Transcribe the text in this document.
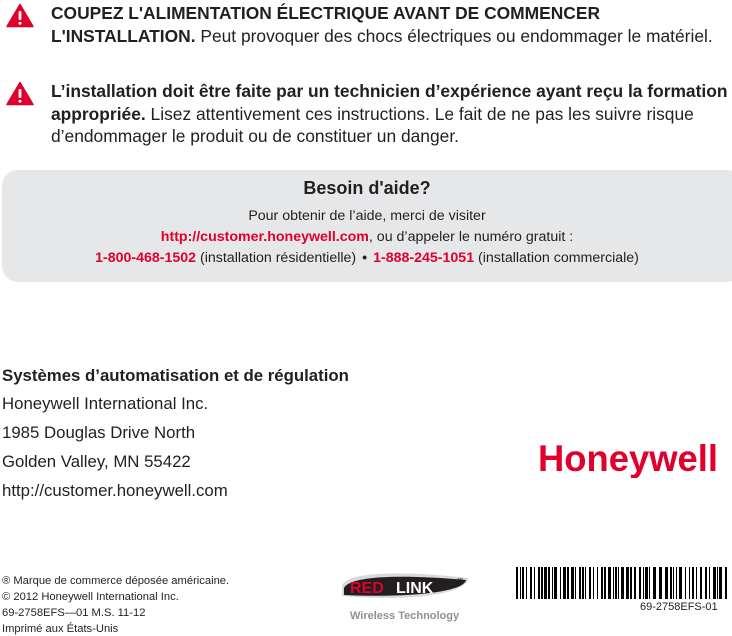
COUPEZ L'ALIMENTATION ÉLECTRIQUE AVANT DE COMMENCER L'INSTALLATION. Peut provoquer des chocs électriques ou endommager le matériel.
L’installation doit être faite par un technicien d’expérience ayant reçu la formation appropriée. Lisez attentivement ces instructions. Le fait de ne pas les suivre risque d’endommager le produit ou de constituer un danger.
Besoin d'aide?
Pour obtenir de l’aide, merci de visiter
http://customer.honeywell.com, ou d’appeler le numéro gratuit :
1-800-468-1502 (installation résidentielle) • 1-888-245-1051 (installation commerciale)
Systèmes d’automatisation et de régulation
Honeywell International Inc.
1985 Douglas Drive North
Golden Valley, MN 55422
http://customer.honeywell.com
Honeywell
® Marque de commerce déposée américaine.
© 2012 Honeywell International Inc.
69-2758EFS—01 M.S. 11-12
Imprimé aux États-Unis
RED LINK	™
Wireless Technology
69-2758EFS-01
